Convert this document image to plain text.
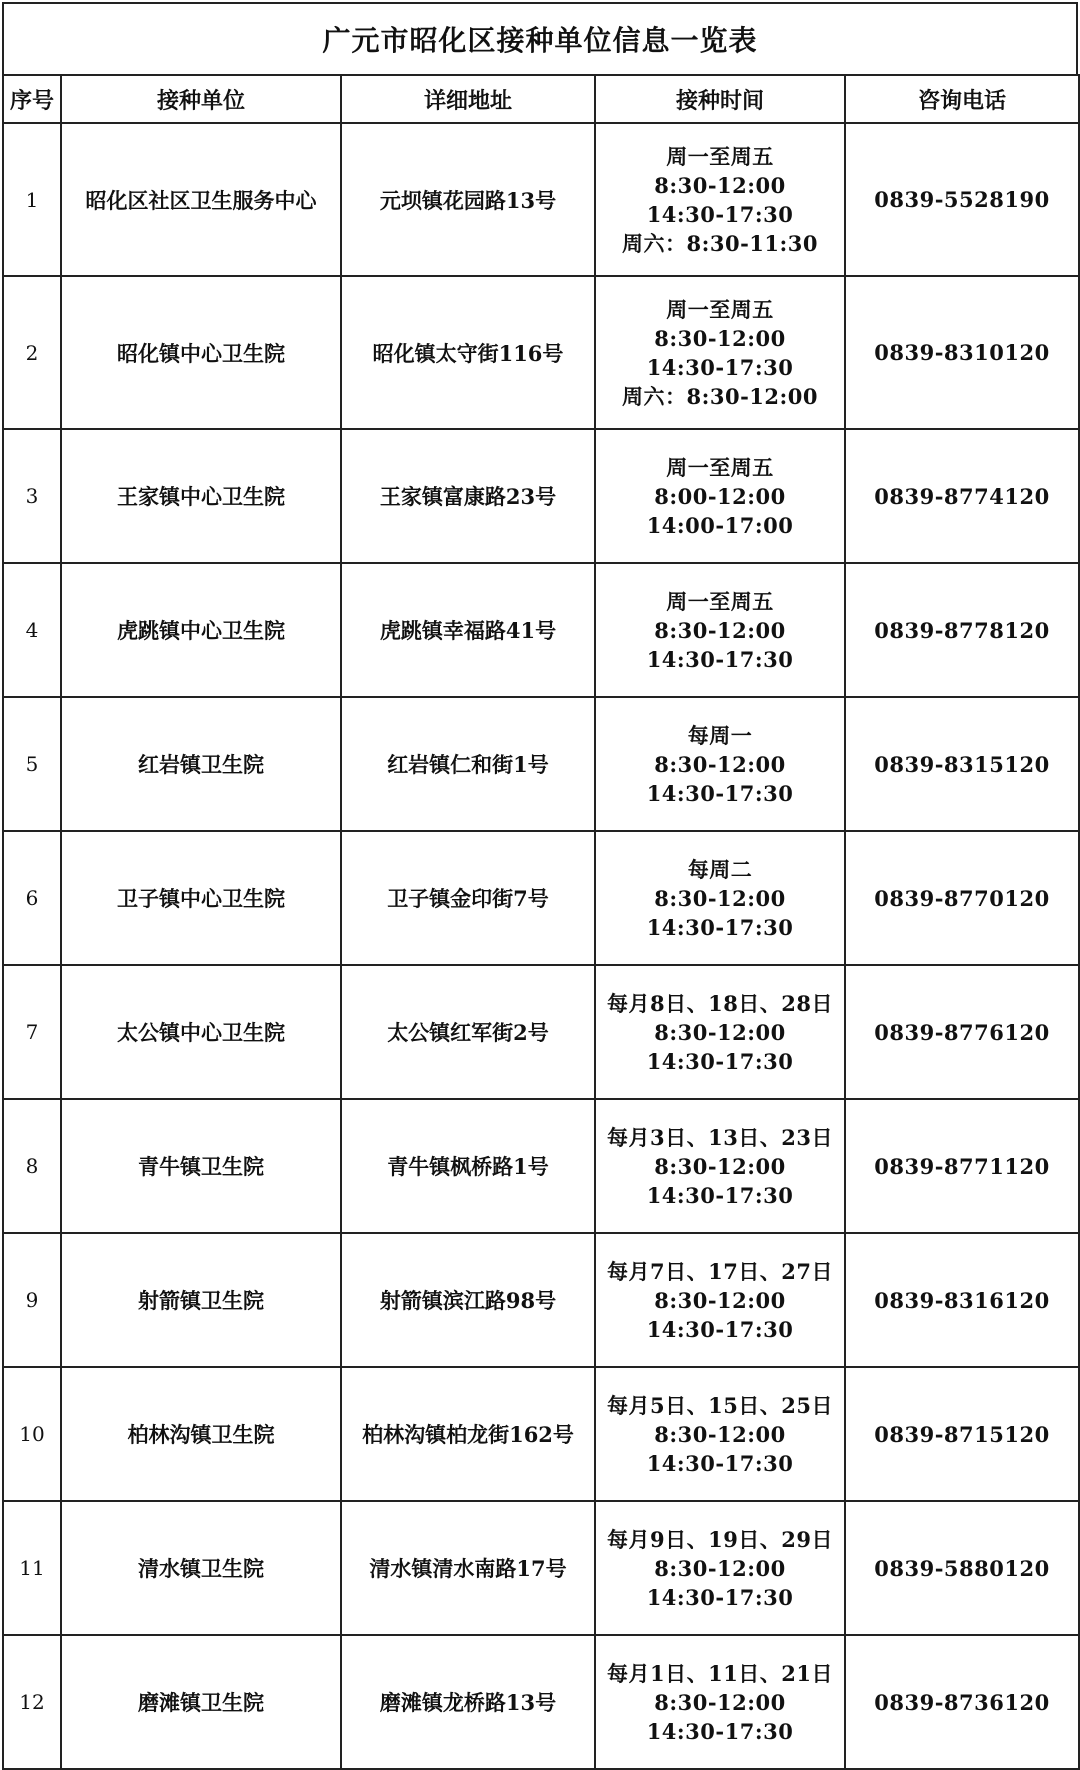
广元市昭化区接种单位信息一览表
序号	接种单位	详细地址	接种时间	咨询电话
1	昭化区社区卫生服务中心	元坝镇花园路13号	周一至周五
8:30-12:00
14:30-17:30
周六：8:30-11:30	0839-5528190
2	昭化镇中心卫生院	昭化镇太守街116号	周一至周五
8:30-12:00
14:30-17:30
周六：8:30-12:00	0839-8310120
3	王家镇中心卫生院	王家镇富康路23号	周一至周五
8:00-12:00
14:00-17:00	0839-8774120
4	虎跳镇中心卫生院	虎跳镇幸福路41号	周一至周五
8:30-12:00
14:30-17:30	0839-8778120
5	红岩镇卫生院	红岩镇仁和街1号	每周一
8:30-12:00
14:30-17:30	0839-8315120
6	卫子镇中心卫生院	卫子镇金印街7号	每周二
8:30-12:00
14:30-17:30	0839-8770120
7	太公镇中心卫生院	太公镇红军街2号	每月8日、18日、28日
8:30-12:00
14:30-17:30	0839-8776120
8	青牛镇卫生院	青牛镇枫桥路1号	每月3日、13日、23日
8:30-12:00
14:30-17:30	0839-8771120
9	射箭镇卫生院	射箭镇滨江路98号	每月7日、17日、27日
8:30-12:00
14:30-17:30	0839-8316120
10	柏林沟镇卫生院	柏林沟镇柏龙街162号	每月5日、15日、25日
8:30-12:00
14:30-17:30	0839-8715120
11	清水镇卫生院	清水镇清水南路17号	每月9日、19日、29日
8:30-12:00
14:30-17:30	0839-5880120
12	磨滩镇卫生院	磨滩镇龙桥路13号	每月1日、11日、21日
8:30-12:00
14:30-17:30	0839-8736120
